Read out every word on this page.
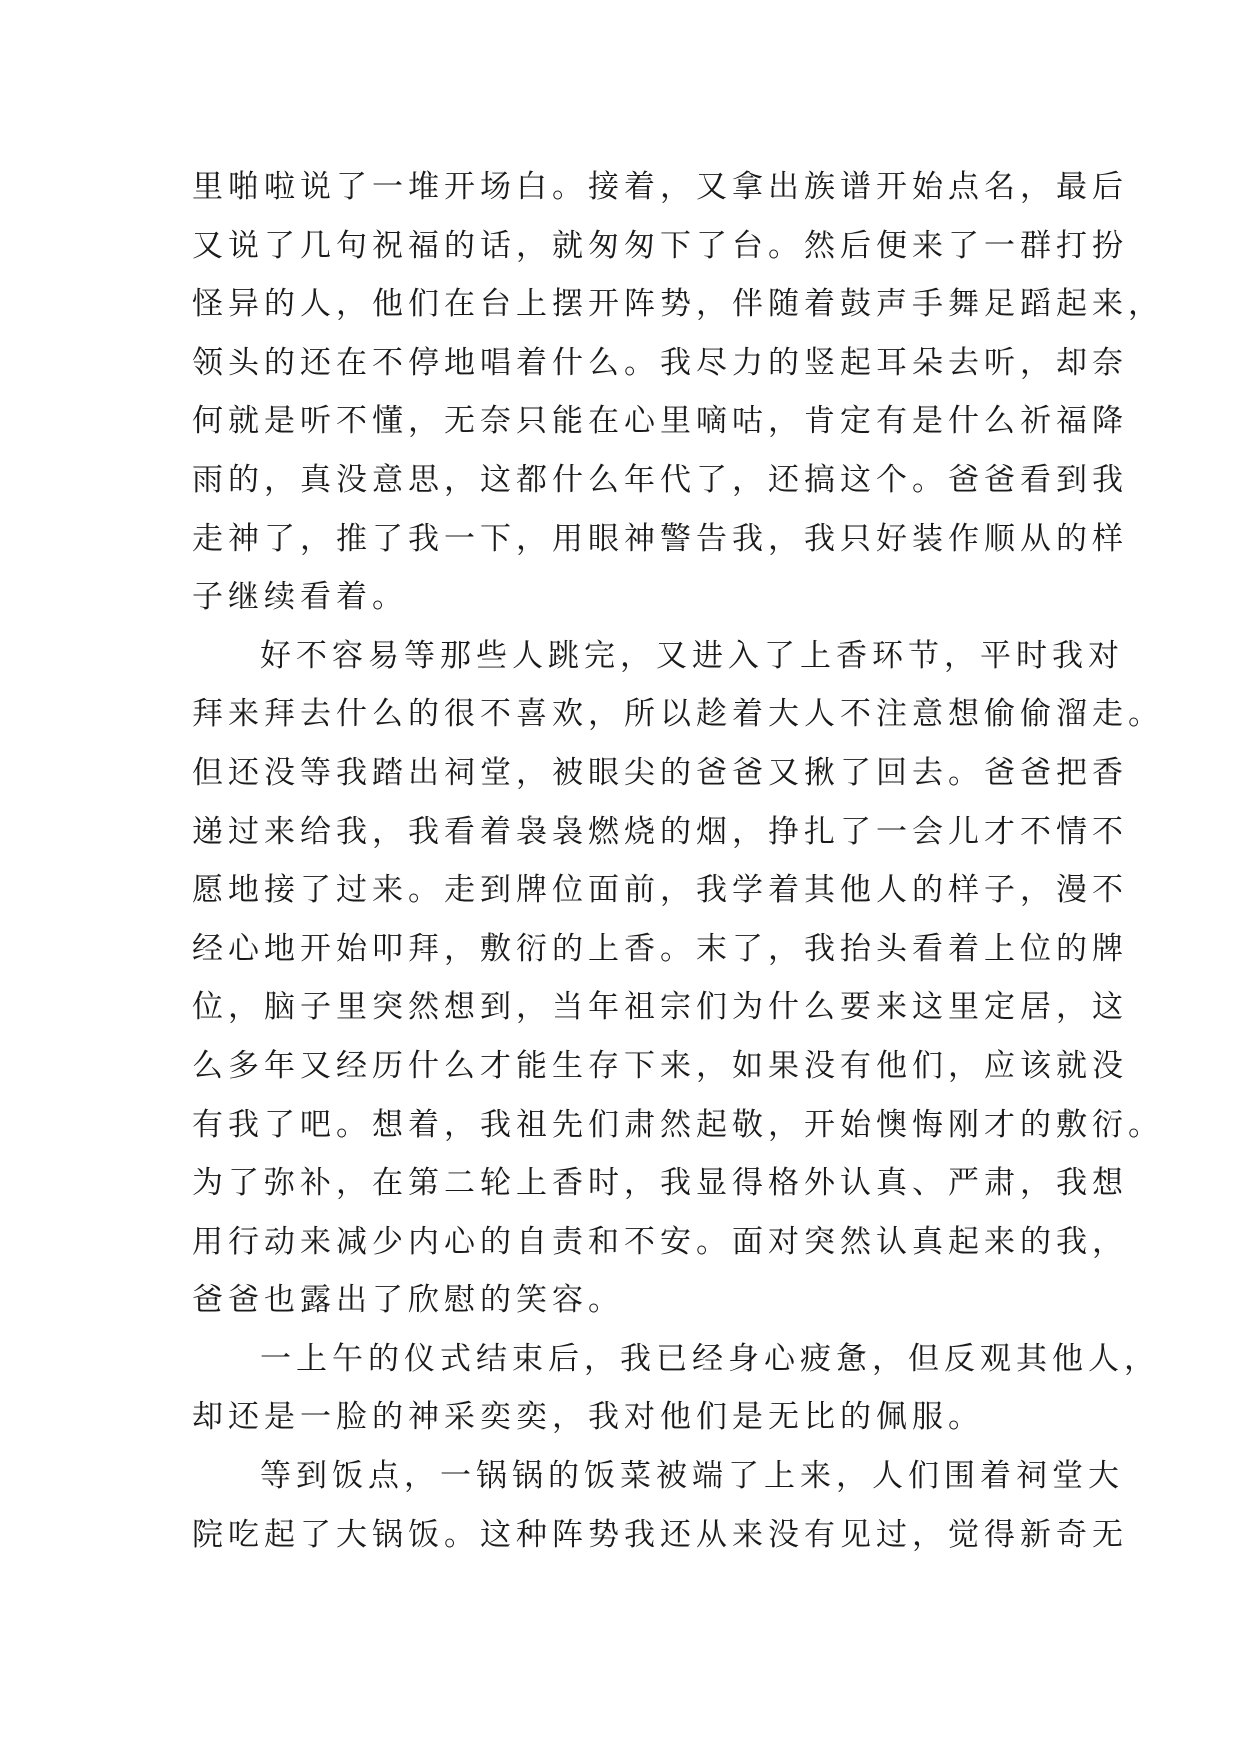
里啪啦说了一堆开场白。接着，又拿出族谱开始点名，最后
又说了几句祝福的话，就匆匆下了台。然后便来了一群打扮
怪异的人，他们在台上摆开阵势，伴随着鼓声手舞足蹈起来，
领头的还在不停地唱着什么。我尽力的竖起耳朵去听，却奈
何就是听不懂，无奈只能在心里嘀咕，肯定有是什么祈福降
雨的，真没意思，这都什么年代了，还搞这个。爸爸看到我
走神了，推了我一下，用眼神警告我，我只好装作顺从的样
子继续看着。
好不容易等那些人跳完，又进入了上香环节，平时我对
拜来拜去什么的很不喜欢，所以趁着大人不注意想偷偷溜走。
但还没等我踏出祠堂，被眼尖的爸爸又揪了回去。爸爸把香
递过来给我，我看着袅袅燃烧的烟，挣扎了一会儿才不情不
愿地接了过来。走到牌位面前，我学着其他人的样子，漫不
经心地开始叩拜，敷衍的上香。末了，我抬头看着上位的牌
位，脑子里突然想到，当年祖宗们为什么要来这里定居，这
么多年又经历什么才能生存下来，如果没有他们，应该就没
有我了吧。想着，我祖先们肃然起敬，开始懊悔刚才的敷衍。
为了弥补，在第二轮上香时，我显得格外认真、严肃，我想
用行动来减少内心的自责和不安。面对突然认真起来的我，
爸爸也露出了欣慰的笑容。
一上午的仪式结束后，我已经身心疲惫，但反观其他人，
却还是一脸的神采奕奕，我对他们是无比的佩服。
等到饭点，一锅锅的饭菜被端了上来，人们围着祠堂大
院吃起了大锅饭。这种阵势我还从来没有见过，觉得新奇无
